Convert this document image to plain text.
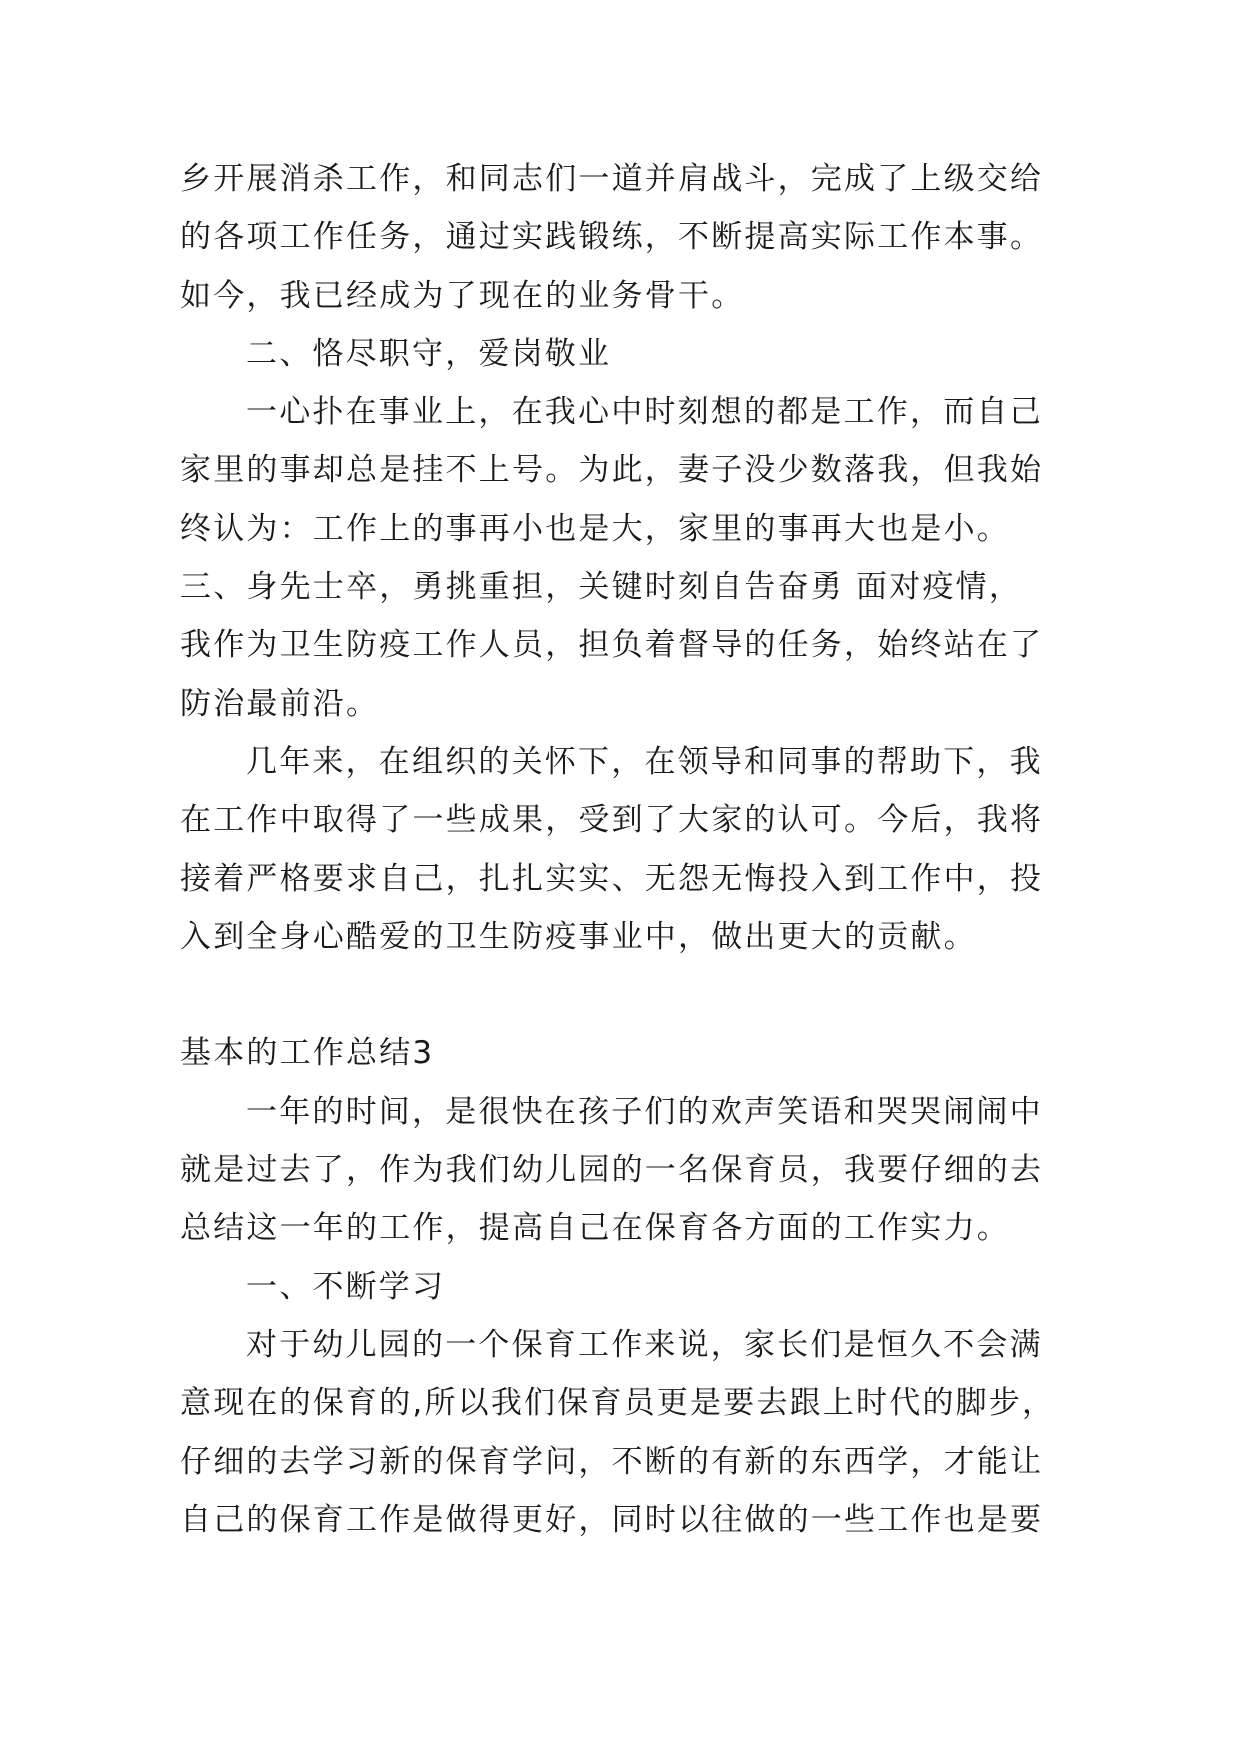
乡开展消杀工作，和同志们一道并肩战斗，完成了上级交给
的各项工作任务，通过实践锻练，不断提高实际工作本事。
如今，我已经成为了现在的业务骨干。
二、恪尽职守，爱岗敬业
一心扑在事业上，在我心中时刻想的都是工作，而自己
家里的事却总是挂不上号。为此，妻子没少数落我，但我始
终认为：工作上的事再小也是大，家里的事再大也是小。
三、身先士卒，勇挑重担，关键时刻自告奋勇 面对疫情，
我作为卫生防疫工作人员，担负着督导的任务，始终站在了
防治最前沿。
几年来，在组织的关怀下，在领导和同事的帮助下，我
在工作中取得了一些成果，受到了大家的认可。今后，我将
接着严格要求自己，扎扎实实、无怨无悔投入到工作中，投
入到全身心酷爱的卫生防疫事业中，做出更大的贡献。
基本的工作总结3
一年的时间，是很快在孩子们的欢声笑语和哭哭闹闹中
就是过去了，作为我们幼儿园的一名保育员，我要仔细的去
总结这一年的工作，提高自己在保育各方面的工作实力。
一、不断学习
对于幼儿园的一个保育工作来说，家长们是恒久不会满
意现在的保育的,所以我们保育员更是要去跟上时代的脚步，
仔细的去学习新的保育学问，不断的有新的东西学，才能让
自己的保育工作是做得更好，同时以往做的一些工作也是要
